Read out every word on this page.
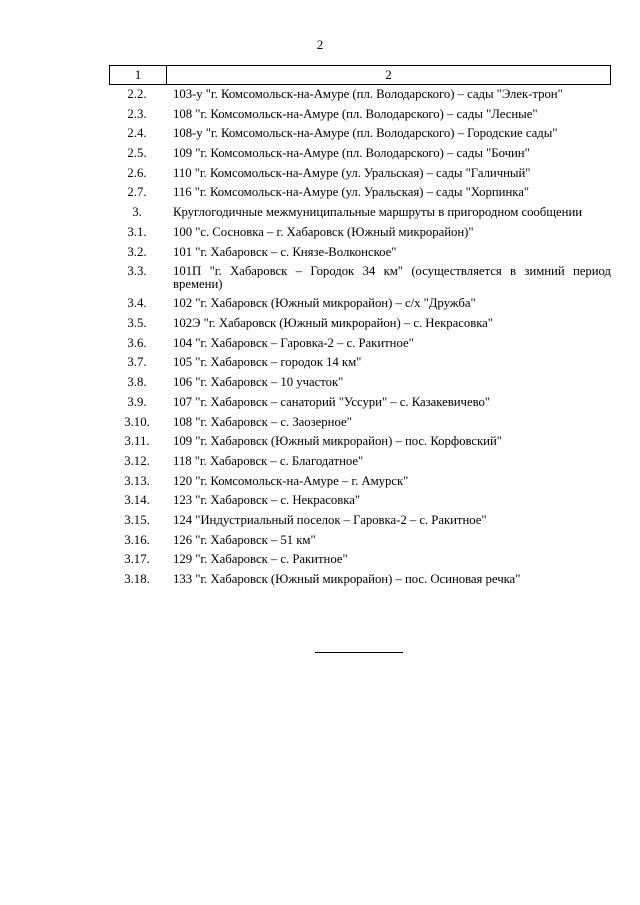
2
1	2
2.2.	103-у "г. Комсомольск-на-Амуре (пл. Володарского) – сады "Элек-трон"
2.3.	108 "г. Комсомольск-на-Амуре (пл. Володарского) – сады "Лесные"
2.4.	108-у "г. Комсомольск-на-Амуре (пл. Володарского) – Городские сады"
2.5.	109 "г. Комсомольск-на-Амуре (пл. Володарского) – сады "Бочин"
2.6.	110 "г. Комсомольск-на-Амуре (ул. Уральская) – сады "Галичный"
2.7.	116 "г. Комсомольск-на-Амуре (ул. Уральская) – сады "Хорпинка"
3.	Круглогодичные межмуниципальные маршруты в пригородном сообщении
3.1.	100 "с. Сосновка – г. Хабаровск (Южный микрорайон)"
3.2.	101 "г. Хабаровск – с. Князе-Волконское"
3.3.	101П "г. Хабаровск – Городок 34 км" (осуществляется в зимний период времени)
3.4.	102 "г. Хабаровск (Южный микрорайон) – с/х "Дружба"
3.5.	102Э "г. Хабаровск (Южный микрорайон) – с. Некрасовка"
3.6.	104 "г. Хабаровск – Гаровка-2 – с. Ракитное"
3.7.	105 "г. Хабаровск – городок 14 км"
3.8.	106 "г. Хабаровск – 10 участок"
3.9.	107 "г. Хабаровск – санаторий "Уссури" – с. Казакевичево"
3.10.	108 "г. Хабаровск – с. Заозерное"
3.11.	109 "г. Хабаровск (Южный микрорайон) – пос. Корфовский"
3.12.	118 "г. Хабаровск – с. Благодатное"
3.13.	120 "г. Комсомольск-на-Амуре – г. Амурск"
3.14.	123 "г. Хабаровск – с. Некрасовка"
3.15.	124 "Индустриальный поселок – Гаровка-2 – с. Ракитное"
3.16.	126 "г. Хабаровск – 51 км"
3.17.	129 "г. Хабаровск – с. Ракитное"
3.18.	133 "г. Хабаровск (Южный микрорайон) – пос. Осиновая речка"
